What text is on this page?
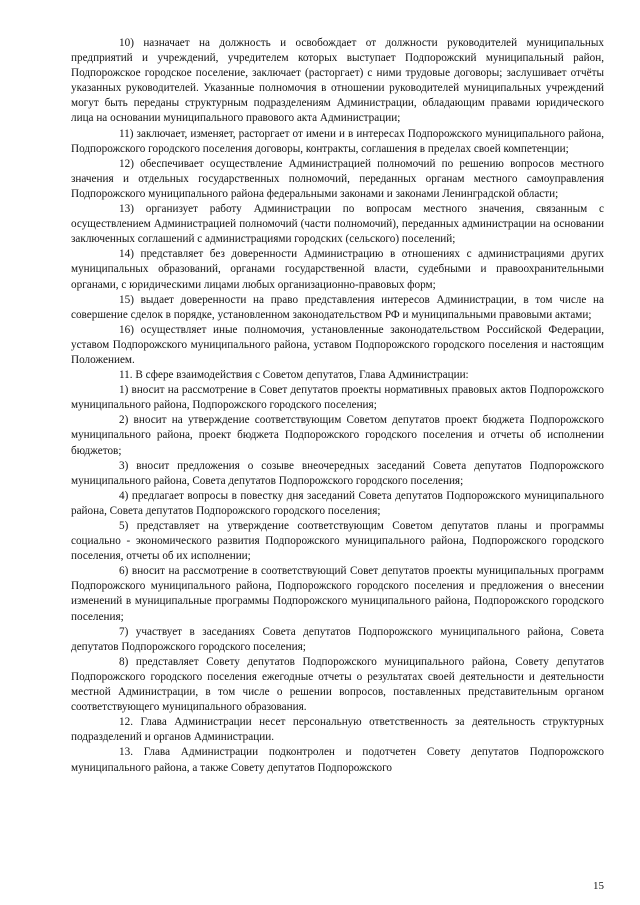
10) назначает на должность и освобождает от должности руководителей муниципальных предприятий и учреждений, учредителем которых выступает Подпорожский муниципальный район, Подпорожское городское поселение, заключает (расторгает) с ними трудовые договоры; заслушивает отчёты указанных руководителей. Указанные полномочия в отношении руководителей муниципальных учреждений могут быть переданы структурным подразделениям Администрации, обладающим правами юридического лица на основании муниципального правового акта Администрации;

11) заключает, изменяет, расторгает от имени и в интересах Подпорожского муниципального района, Подпорожского городского поселения договоры, контракты, соглашения в пределах своей компетенции;

12) обеспечивает осуществление Администрацией полномочий по решению вопросов местного значения и отдельных государственных полномочий, переданных органам местного самоуправления Подпорожского муниципального района федеральными законами и законами Ленинградской области;

13) организует работу Администрации по вопросам местного значения, связанным с осуществлением Администрацией полномочий (части полномочий), переданных администрации на основании заключенных соглашений с администрациями городских (сельского) поселений;

14) представляет без доверенности Администрацию в отношениях с администрациями других муниципальных образований, органами государственной власти, судебными и правоохранительными органами, с юридическими лицами любых организационно-правовых форм;

15) выдает доверенности на право представления интересов Администрации, в том числе на совершение сделок в порядке, установленном законодательством РФ и муниципальными правовыми актами;

16) осуществляет иные полномочия, установленные законодательством Российской Федерации, уставом Подпорожского муниципального района, уставом Подпорожского городского поселения и настоящим Положением.

11. В сфере взаимодействия с Советом депутатов, Глава Администрации:

1) вносит на рассмотрение в Совет депутатов проекты нормативных правовых актов Подпорожского муниципального района, Подпорожского городского поселения;

2) вносит на утверждение соответствующим Советом депутатов проект бюджета Подпорожского муниципального района, проект бюджета Подпорожского городского поселения и отчеты об исполнении бюджетов;

3) вносит предложения о созыве внеочередных заседаний Совета депутатов Подпорожского муниципального района, Совета депутатов Подпорожского городского поселения;

4) предлагает вопросы в повестку дня заседаний Совета депутатов Подпорожского муниципального района, Совета депутатов Подпорожского городского поселения;

5) представляет на утверждение соответствующим Советом депутатов планы и программы социально - экономического развития Подпорожского муниципального района, Подпорожского городского поселения, отчеты об их исполнении;

6) вносит на рассмотрение в соответствующий Совет депутатов проекты муниципальных программ Подпорожского муниципального района, Подпорожского городского поселения и предложения о внесении изменений в муниципальные программы Подпорожского муниципального района, Подпорожского городского поселения;

7) участвует в заседаниях Совета депутатов Подпорожского муниципального района, Совета депутатов Подпорожского городского поселения;

8) представляет Совету депутатов Подпорожского муниципального района, Совету депутатов Подпорожского городского поселения ежегодные отчеты о результатах своей деятельности и деятельности местной Администрации, в том числе о решении вопросов, поставленных представительным органом соответствующего муниципального образования.

12. Глава Администрации несет персональную ответственность за деятельность структурных подразделений и органов Администрации.

13. Глава Администрации подконтролен и подотчетен Совету депутатов Подпорожского муниципального района, а также Совету депутатов Подпорожского

15
